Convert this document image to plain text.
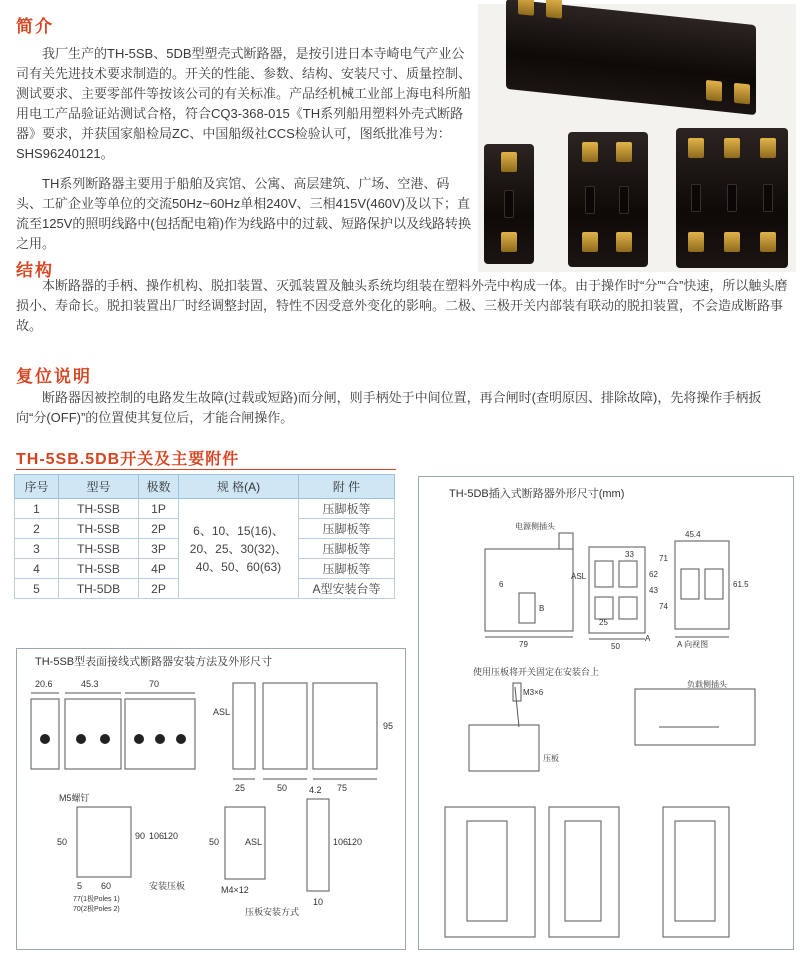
简介
我厂生产的TH-5SB、5DB型塑壳式断路器，是按引进日本寺崎电气产业公司有关先进技术要求制造的。开关的性能、参数、结构、安装尺寸、质量控制、测试要求、主要零部件等按该公司的有关标准。产品经机械工业部上海电科所船用电工产品验证站测试合格，符合CQ3-368-015《TH系列船用塑料外壳式断路器》要求，并获国家船检局ZC、中国船级社CCS检验认可，图纸批准号为：SHS96240121。
TH系列断路器主要用于船舶及宾馆、公寓、高层建筑、广场、空港、码头、工矿企业等单位的交流50Hz~60Hz单相240V、三相415V(460V)及以下；直流至125V的照明线路中(包括配电箱)作为线路中的过载、短路保护以及线路转换之用。
结构
本断路器的手柄、操作机构、脱扣装置、灭弧装置及触头系统均组装在塑料外壳中构成一体。由于操作时“分”“合”快速，所以触头磨损小、寿命长。脱扣装置出厂时经调整封固，特性不因受意外变化的影响。二极、三极开关内部装有联动的脱扣装置，不会造成断路事故。
复位说明
断路器因被控制的电路发生故障(过载或短路)而分闸，则手柄处于中间位置，再合闸时(查明原因、排除故障)，先将操作手柄扳向“分(OFF)”的位置使其复位后，才能合闸操作。
TH-5SB.5DB开关及主要附件
序号	型号	极数	规 格(A)	附 件
1	TH-5SB	1P	6、10、15(16)、
20、25、30(32)、
40、50、60(63)	压脚板等
2	TH-5SB	2P		压脚板等
3	TH-5SB	3P		压脚板等
4	TH-5SB	4P		压脚板等
5	TH-5DB	2P		A型安装台等
TH-5DB插入式断路器外形尺寸(mm)
电源侧插头
ASL
A
A 向视图
使用压板将开关固定在安装台上
M3×6
压板
负载侧插头
79	50
25
62
43
71
74
45.4
61.5
6
B
33
TH-5SB型表面接线式断路器安装方法及外形尺寸
20.6	45.3	70
25	50	75
95
ASL
M5螺钉
安装压板
50
5 60
90 106
120
77(1极Poles 1)
70(2极Poles 2)
M4×12
ASL
压板安装方式
50
4.2
106
120
10
